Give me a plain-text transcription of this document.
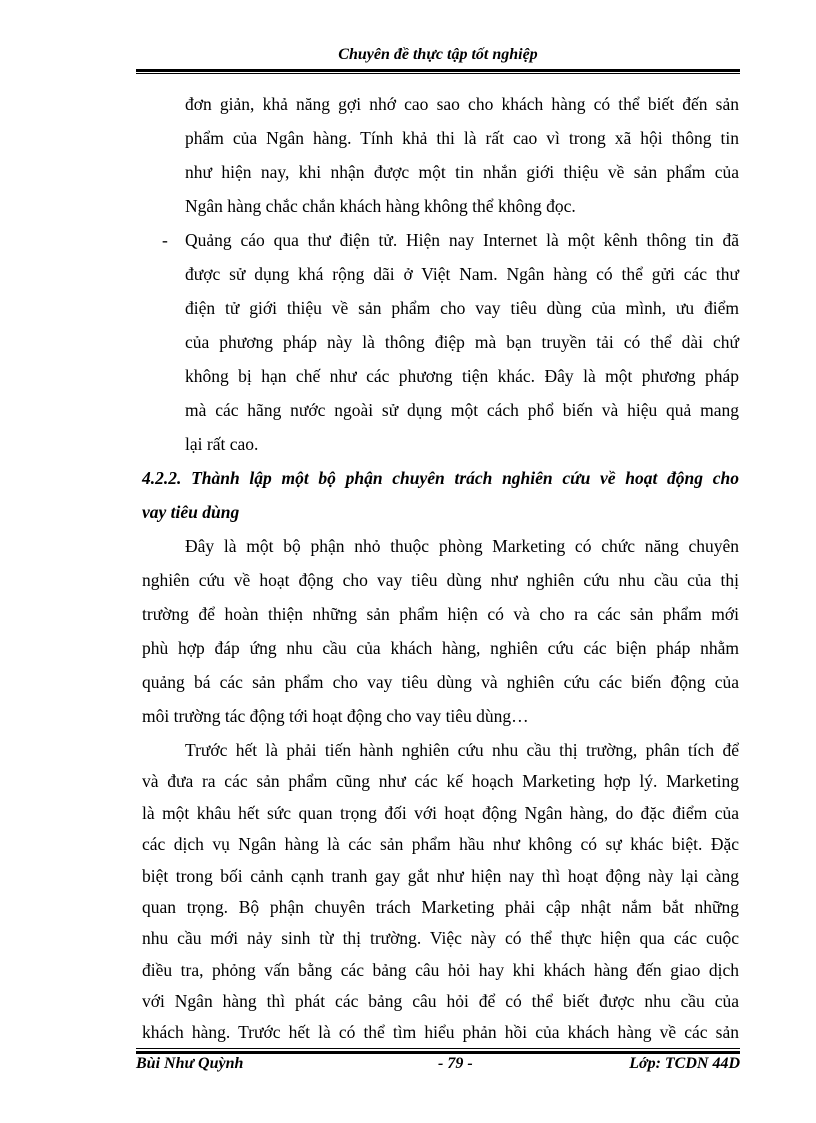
Chuyên đề thực tập tốt nghiệp
đơn giản, khả năng gợi nhớ cao sao cho khách hàng có thể biết đến sản
phẩm của Ngân hàng. Tính khả thi là rất cao vì trong xã hội thông tin
như hiện nay, khi nhận được một tin nhắn giới thiệu về sản phẩm của
Ngân hàng chắc chắn khách hàng không thể không đọc.
- Quảng cáo qua thư điện tử. Hiện nay Internet là một kênh thông tin đã
được sử dụng khá rộng dãi ở Việt Nam. Ngân hàng có thể gửi các thư
điện tử giới thiệu về sản phẩm cho vay tiêu dùng của mình, ưu điểm
của phương pháp này là thông điệp mà bạn truyền tải có thể dài chứ
không bị hạn chế như các phương tiện khác. Đây là một phương pháp
mà các hãng nước ngoài sử dụng một cách phổ biến và hiệu quả mang
lại rất cao.
4.2.2. Thành lập một bộ phận chuyên trách nghiên cứu về hoạt động cho
vay tiêu dùng
Đây là một bộ phận nhỏ thuộc phòng Marketing có chức năng chuyên
nghiên cứu về hoạt động cho vay tiêu dùng như nghiên cứu nhu cầu của thị
trường để hoàn thiện những sản phẩm hiện có và cho ra các sản phẩm mới
phù hợp đáp ứng nhu cầu của khách hàng, nghiên cứu các biện pháp nhằm
quảng bá các sản phẩm cho vay tiêu dùng và nghiên cứu các biến động của
môi trường tác động tới hoạt động cho vay tiêu dùng…
Trước hết là phải tiến hành nghiên cứu nhu cầu thị trường, phân tích để
và đưa ra các sản phẩm cũng như các kế hoạch Marketing hợp lý. Marketing
là một khâu hết sức quan trọng đối với hoạt động Ngân hàng, do đặc điểm của
các dịch vụ Ngân hàng là các sản phẩm hầu như không có sự khác biệt. Đặc
biệt trong bối cảnh cạnh tranh gay gắt như hiện nay thì hoạt động này lại càng
quan trọng. Bộ phận chuyên trách Marketing phải cập nhật nắm bắt những
nhu cầu mới nảy sinh từ thị trường. Việc này có thể thực hiện qua các cuộc
điều tra, phỏng vấn bằng các bảng câu hỏi hay khi khách hàng đến giao dịch
với Ngân hàng thì phát các bảng câu hỏi để có thể biết được nhu cầu của
khách hàng. Trước hết là có thể tìm hiểu phản hồi của khách hàng về các sản
Bùi Như Quỳnh	- 79 -	Lớp: TCDN 44D
